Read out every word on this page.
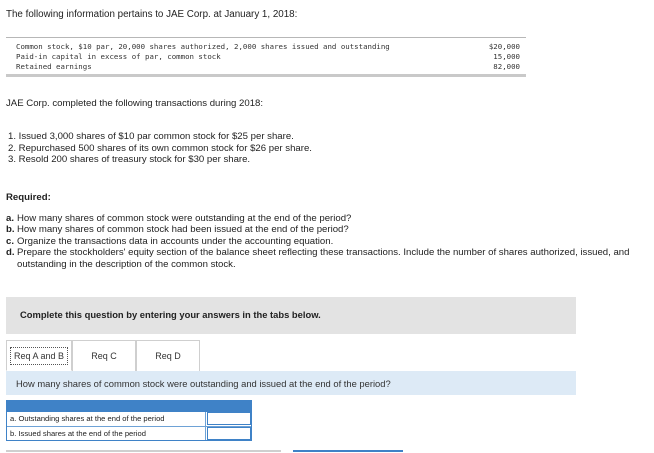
The following information pertains to JAE Corp. at January 1, 2018:
Common stock, $10 par, 20,000 shares authorized, 2,000 shares issued and outstanding	$20,000
Paid-in capital in excess of par, common stock	15,000
Retained earnings	82,000
JAE Corp. completed the following transactions during 2018:
1. Issued 3,000 shares of $10 par common stock for $25 per share.
2. Repurchased 500 shares of its own common stock for $26 per share.
3. Resold 200 shares of treasury stock for $30 per share.
Required:
a. How many shares of common stock were outstanding at the end of the period?
b. How many shares of common stock had been issued at the end of the period?
c. Organize the transactions data in accounts under the accounting equation.
d. Prepare the stockholders' equity section of the balance sheet reflecting these transactions. Include the number of shares authorized, issued, and outstanding in the description of the common stock.
Complete this question by entering your answers in the tabs below.
Req A and B	Req C	Req D
How many shares of common stock were outstanding and issued at the end of the period?
a. Outstanding shares at the end of the period
b. Issued shares at the end of the period
